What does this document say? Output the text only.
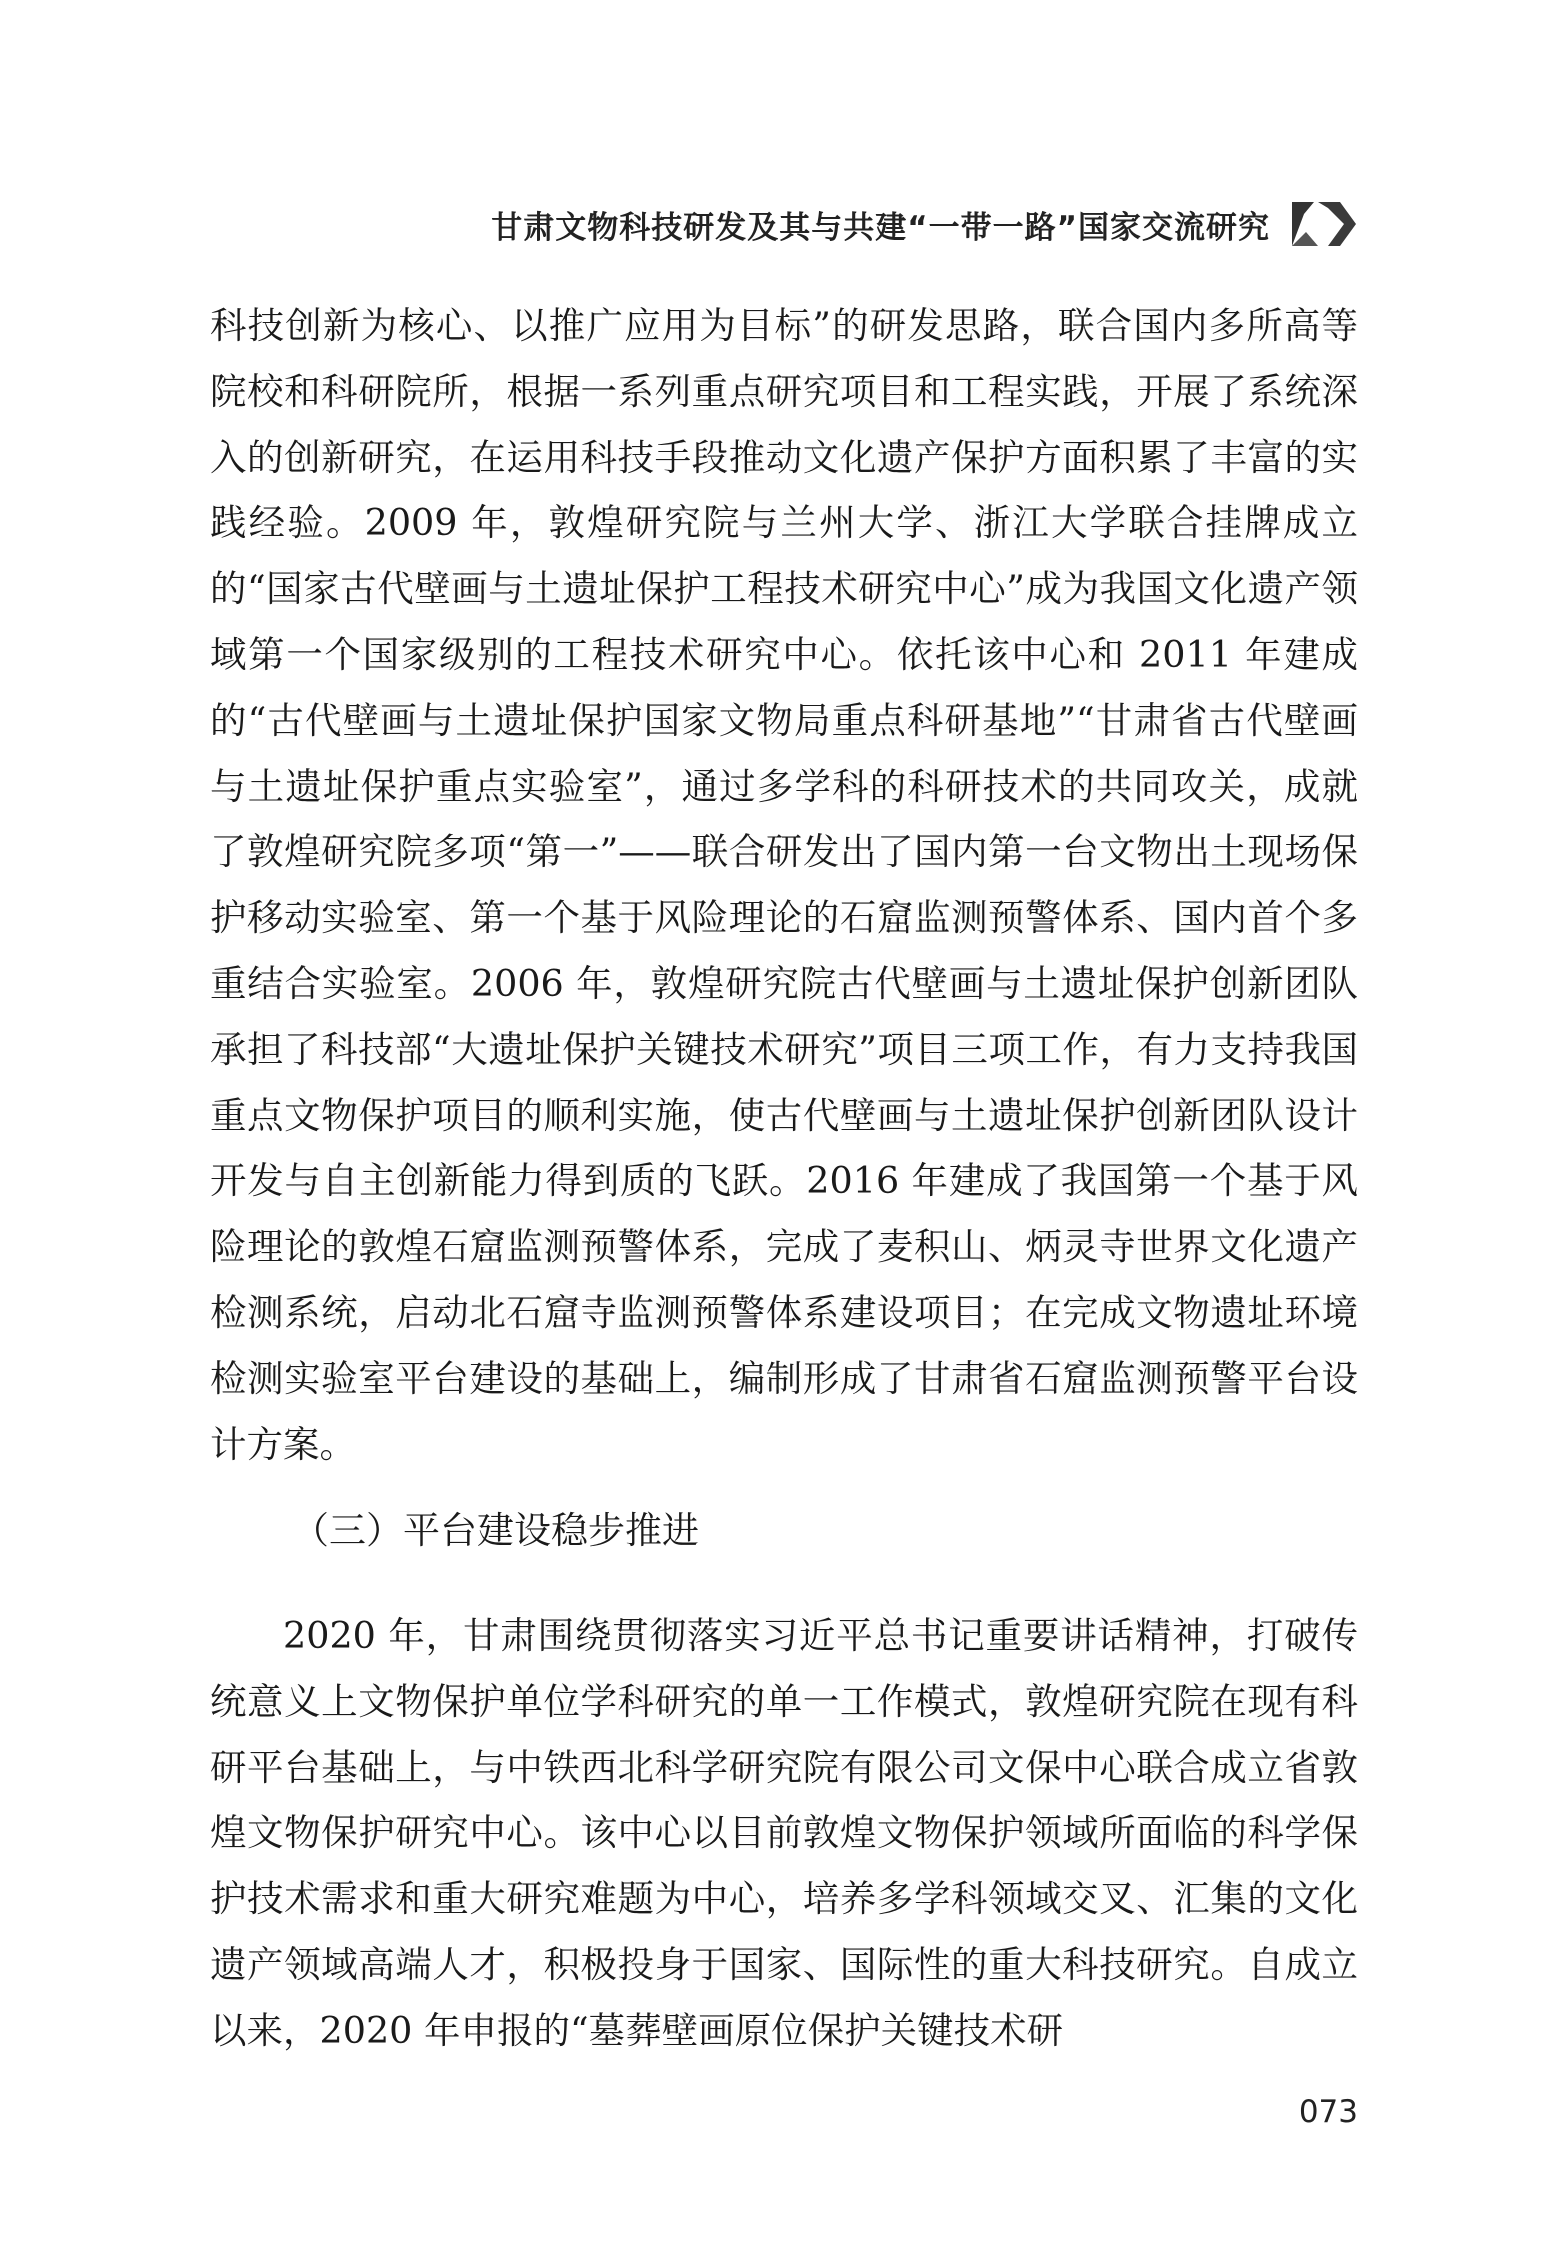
甘肃文物科技研发及其与共建“一带一路”国家交流研究

科技创新为核心、以推广应用为目标”的研发思路，联合国内多所高等院校和科研院所，根据一系列重点研究项目和工程实践，开展了系统深入的创新研究，在运用科技手段推动文化遗产保护方面积累了丰富的实践经验。2009 年，敦煌研究院与兰州大学、浙江大学联合挂牌成立的“国家古代壁画与土遗址保护工程技术研究中心”成为我国文化遗产领域第一个国家级别的工程技术研究中心。依托该中心和 2011 年建成的“古代壁画与土遗址保护国家文物局重点科研基地”“甘肃省古代壁画与土遗址保护重点实验室”，通过多学科的科研技术的共同攻关，成就了敦煌研究院多项“第一”——联合研发出了国内第一台文物出土现场保护移动实验室、第一个基于风险理论的石窟监测预警体系、国内首个多重结合实验室。2006 年，敦煌研究院古代壁画与土遗址保护创新团队承担了科技部“大遗址保护关键技术研究”项目三项工作，有力支持我国重点文物保护项目的顺利实施，使古代壁画与土遗址保护创新团队设计开发与自主创新能力得到质的飞跃。2016 年建成了我国第一个基于风险理论的敦煌石窟监测预警体系，完成了麦积山、炳灵寺世界文化遗产检测系统，启动北石窟寺监测预警体系建设项目；在完成文物遗址环境检测实验室平台建设的基础上，编制形成了甘肃省石窟监测预警平台设计方案。

（三）平台建设稳步推进

2020 年，甘肃围绕贯彻落实习近平总书记重要讲话精神，打破传统意义上文物保护单位学科研究的单一工作模式，敦煌研究院在现有科研平台基础上，与中铁西北科学研究院有限公司文保中心联合成立省敦煌文物保护研究中心。该中心以目前敦煌文物保护领域所面临的科学保护技术需求和重大研究难题为中心，培养多学科领域交叉、汇集的文化遗产领域高端人才，积极投身于国家、国际性的重大科技研究。自成立以来，2020 年申报的“墓葬壁画原位保护关键技术研

073
